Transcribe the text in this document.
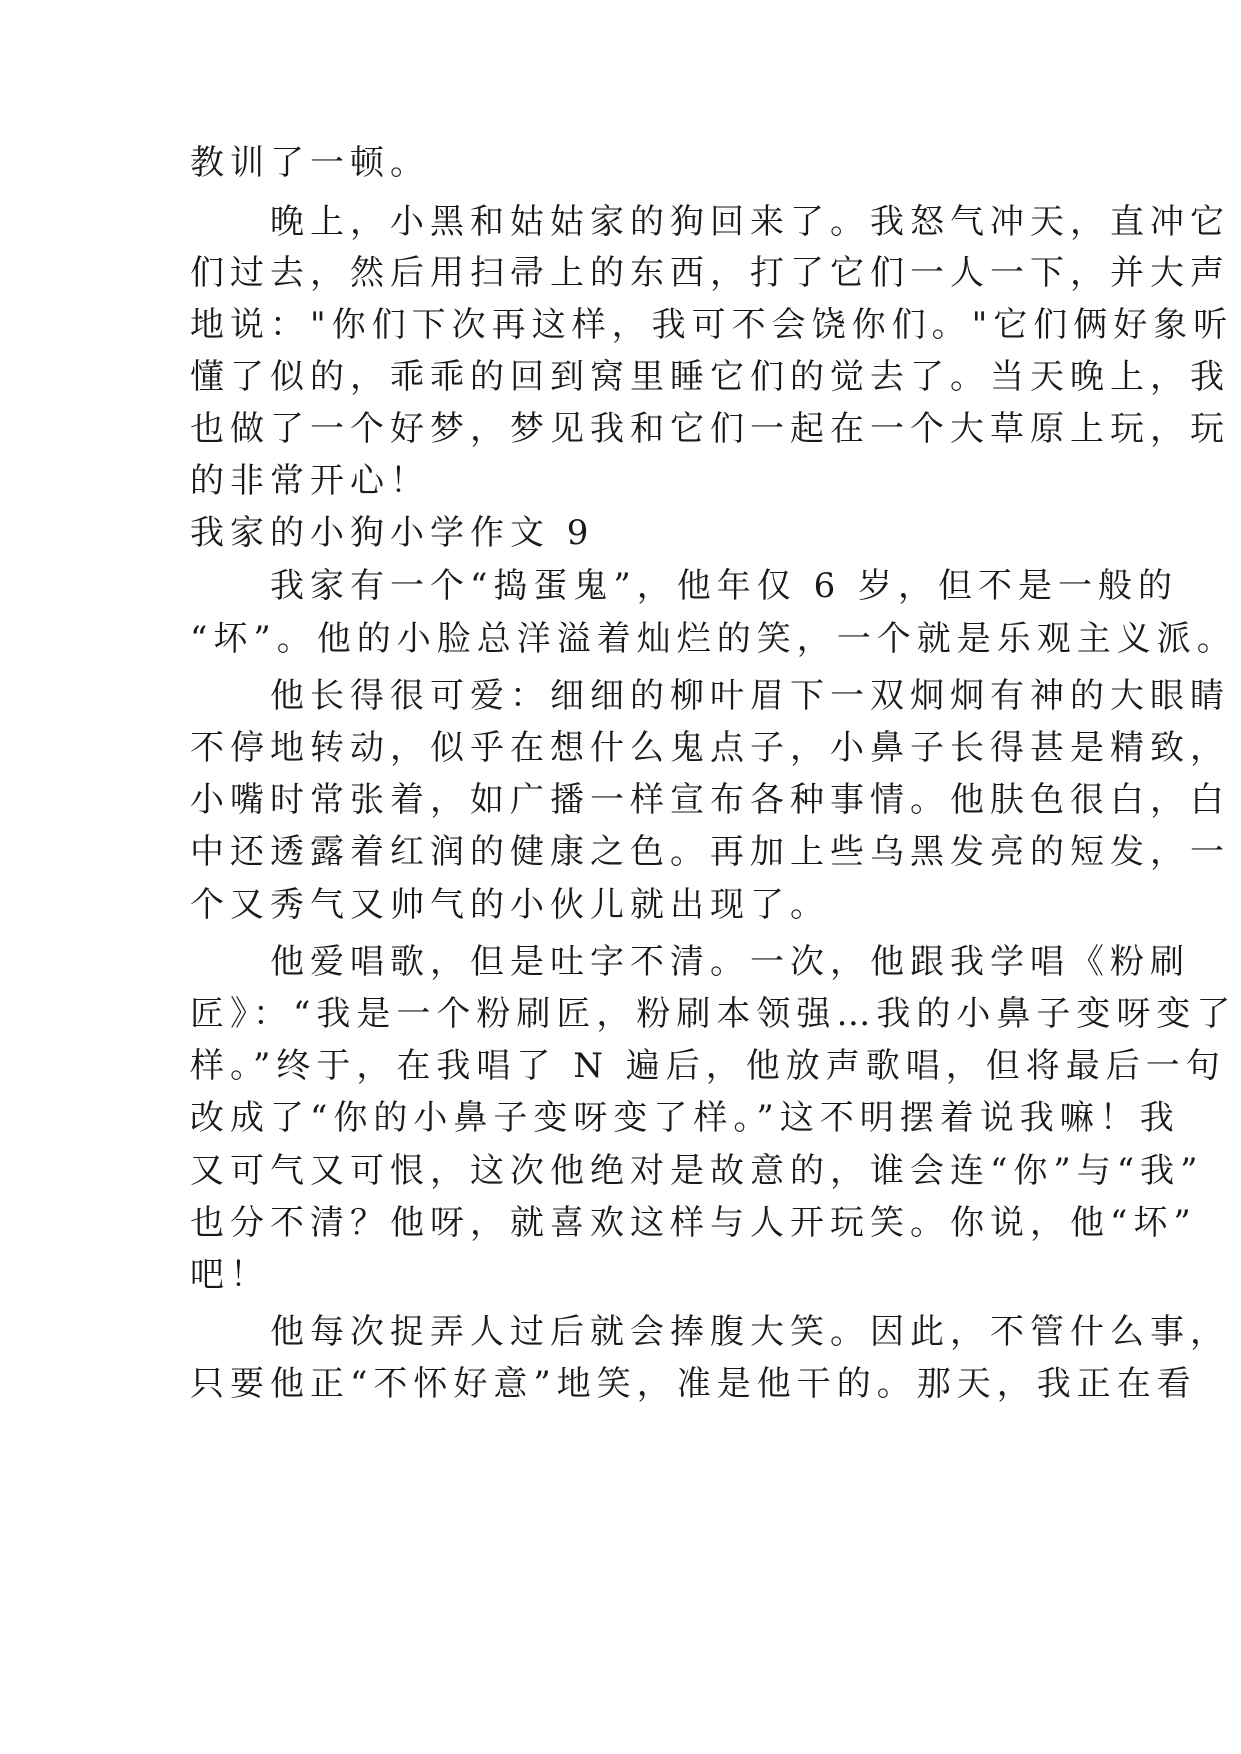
教训了一顿。
　　晚上，小黑和姑姑家的狗回来了。我怒气冲天，直冲它
们过去，然后用扫帚上的东西，打了它们一人一下，并大声
地说："你们下次再这样，我可不会饶你们。"它们俩好象听
懂了似的，乖乖的回到窝里睡它们的觉去了。当天晚上，我
也做了一个好梦，梦见我和它们一起在一个大草原上玩，玩
的非常开心！
我家的小狗小学作文 9
　　我家有一个“捣蛋鬼”，他年仅 6 岁，但不是一般的
“坏”。他的小脸总洋溢着灿烂的笑，一个就是乐观主义派。
　　他长得很可爱：细细的柳叶眉下一双炯炯有神的大眼睛
不停地转动，似乎在想什么鬼点子，小鼻子长得甚是精致，
小嘴时常张着，如广播一样宣布各种事情。他肤色很白，白
中还透露着红润的健康之色。再加上些乌黑发亮的短发，一
个又秀气又帅气的小伙儿就出现了。
　　他爱唱歌，但是吐字不清。一次，他跟我学唱《粉刷
匠》：“我是一个粉刷匠，粉刷本领强…我的小鼻子变呀变了
样。”终于，在我唱了 N 遍后，他放声歌唱，但将最后一句
改成了“你的小鼻子变呀变了样。”这不明摆着说我嘛！我
又可气又可恨，这次他绝对是故意的，谁会连“你”与“我”
也分不清？他呀，就喜欢这样与人开玩笑。你说，他“坏”
吧！
　　他每次捉弄人过后就会捧腹大笑。因此，不管什么事，
只要他正“不怀好意”地笑，准是他干的。那天，我正在看
